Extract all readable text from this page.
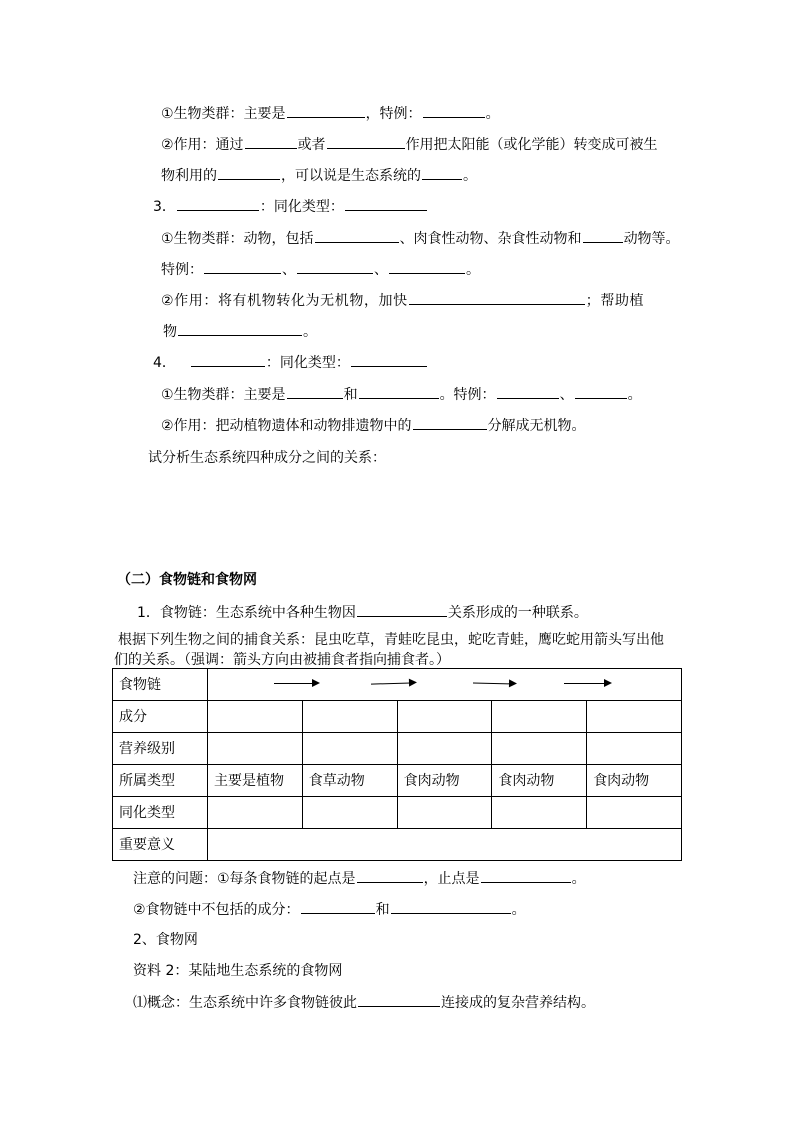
①生物类群：主要是	，特例：	。
②作用：通过	或者	作用把太阳能（或化学能）转变成可被生
物利用的	，可以说是生态系统的	。
3．	：同化类型：
①生物类群：动物，包括	、肉食性动物、杂食性动物和	动物等。
特例：	、	、	。
②作用：将有机物转化为无机物，加快	；帮助植
物	。
4．	：同化类型：
①生物类群：主要是	和	。特例：	、	。
②作用：把动植物遗体和动物排遗物中的	分解成无机物。
试分析生态系统四种成分之间的关系：
（二）食物链和食物网
1．食物链：生态系统中各种生物因	关系形成的一种联系。
根据下列生物之间的捕食关系：昆虫吃草，青蛙吃昆虫，蛇吃青蛙，鹰吃蛇用箭头写出他
们的关系。（强调：箭头方向由被捕食者指向捕食者。）
食物链					

成分					
营养级别					
所属类型	主要是植物	食草动物	食肉动物	食肉动物	食肉动物
同化类型					
重要意义					
注意的问题：①每条食物链的起点是	，止点是	。
②食物链中不包括的成分：	和	。
2、食物网
资料 2：某陆地生态系统的食物网
⑴概念：生态系统中许多食物链彼此	连接成的复杂营养结构。
